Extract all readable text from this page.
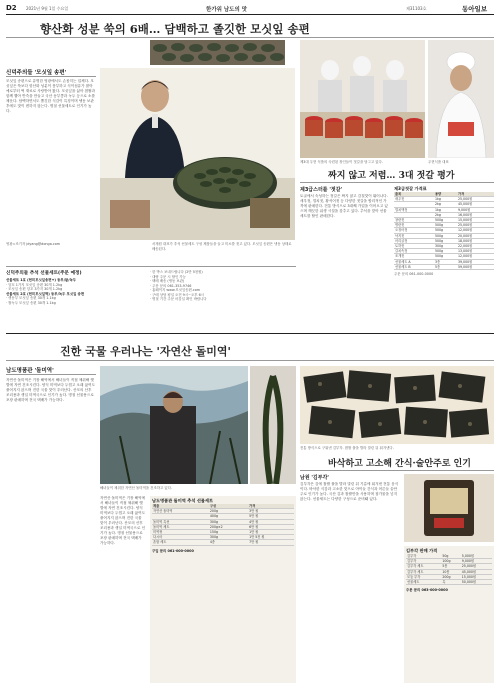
D2 2021년 9월 1일 수요일	한가위 남도의 맛	제31103호	동아일보
향산화 성분 쑥의 6배… 담백하고 졸깃한 모싯잎 송편
신덕주의들 '모싯잎 송편'
모싯잎 송편으로 유명한 영광에서도 손꼽히는 업체다. 모싯잎은 쑥보다 항산화 성분이 풍부하고 식이섬유가 많아 예로부터 떡 재료로 사랑받아 왔다. 모싯잎을 삶아 찹쌀과 함께 빻아 반죽을 만들고 국산 동부콩과 녹두 등으로 소를 채운다. 담백하면서도 쫄깃한 식감이 특징이며 냉동 보관 후에도 맛이 변하지 않는다. 명절 선물세트로 인기가 높다.
영광=조기자 jdyang@donga.com	서재원 대표가 추석 선물세트 구성 제품들을 들고 미소를 짓고 있다. 모싯잎 송편은 냉동 상태로 배송된다.
신덕주의들 추석 선물세트(주문 예정)
선물세트 1호 (현미모싯잎송편+) 동부/팥/녹두
· 앙꼬 1가지 모싯잎 송편 30개 1.2kg
· 모싯잎 송편 앙꼬 3가지 30개 1.2kg
선물세트 2호 (현미모싯잎떡) 동부/녹두 모싯잎 송편
· 생동부 모싯잎 송편 30개 1.1kg
· 쌀녹두 모싯잎 송편 30개 1.1kg
· 한 박스 보내드립니다 (2만 5천원)
· 대량 주문 시 할인 가능
· 택배 배송 (냉동 보관)
· 주문 문의 061-353-9746
· 홈페이지 www.모싯잎송편.com
· 구매 상담 평일 오전 9시~오후 6시
· 명절 기간 주문 마감일 확인 바랍니다
제3대 우현 식품의 숙련된 장인들이 젓갈을 담그고 있다.	우현식품 대표
짜지 않고 저렴… 3대 젓갈 평가
제3급스터를 '젓갈'
토굴에서 숙성하는 젓갈은 짜지 않고 감칠맛이 뛰어나다. 새우젓, 멸치젓, 황석어젓 등 다양한 젓갈을 합리적인 가격에 판매한다. 전통 방식으로 3대째 가업을 이어오고 있으며 깨끗한 위생 시설을 갖추고 있다. 추석을 맞아 선물세트를 할인 판매한다.
제3급젓갈 가격표
품목	용량	가격
새우젓	1kg	25,000원
	2kg	45,000원
멸치액젓	1kg	9,000원
	2kg	16,000원
창란젓	500g	15,000원
명란젓	500g	25,000원
오징어젓	500g	12,000원
낙지젓	500g	20,000원
어리굴젓	500g	18,000원
토하젓	300g	22,000원
갈치속젓	500g	13,000원
조개젓	500g	12,000원
선물세트 A	3종	39,000원
선물세트 B	5종	59,000원
주문 문의 061-000-0000
진한 국물 우러나는 '자연산 돌미역'
남도명품관 '돌미역'
자연산 돌미역은 기장 해역에서 해녀들이 직접 채취해 햇볕에 자연 건조시킨다. 양식 미역보다 두껍고 오래 끓여도 풀어지지 않으며 진한 국물 맛이 우러난다. 산모의 산후 조리용과 생일 미역국으로 인기가 높다. 명절 선물용으로 포장 판매하며 전국 택배가 가능하다.
해녀들이 채취한 자연산 돌미역을 건조하고 있다.
자연산 돌미역은 기장 해역에서 해녀들이 직접 채취해 햇볕에 자연 건조시킨다. 양식 미역보다 두껍고 오래 끓여도 풀어지지 않으며 진한 국물 맛이 우러난다. 산모의 산후 조리용과 생일 미역국으로 인기가 높다. 명절 선물용으로 포장 판매하며 전국 택배가 가능하다.
남도명품관 돌미역 추석 선물세트
제품	구성	가격
자연산 돌미역	200g	3만 원
	400g	5만 원
돌미역 특선	300g	4만 원
돌미역 세트	200g×2	6만 원
미역귀	150g	1만 원
다시마	300g	1만 5천 원
혼합 세트	4종	7만 원
구입 문의 061-000-0000
전통 방식으로 구워낸 김부각. 찹쌀 풀을 발라 말린 뒤 튀겨낸다.
바삭하고 고소해 간식·술안주로 인기
남원 '김부각'
김부각은 김에 찹쌀 풀을 발라 말린 뒤 기름에 튀겨낸 전통 음식이다. 바삭한 식감과 고소한 맛으로 아이들 간식과 어른들 술안주로 인기가 높다. 국산 김과 찹쌀만을 사용하며 첨가물을 넣지 않는다. 선물세트는 다양한 구성으로 준비돼 있다.
김부각 판매 가격
김부각	50g	5,000원
김부각	100g	9,000원
김부각 세트	5봉	25,000원
김부각 세트	10봉	45,000원
모둠 부각	200g	15,000원
선물세트	특	50,000원
주문 문의 063-000-0000
